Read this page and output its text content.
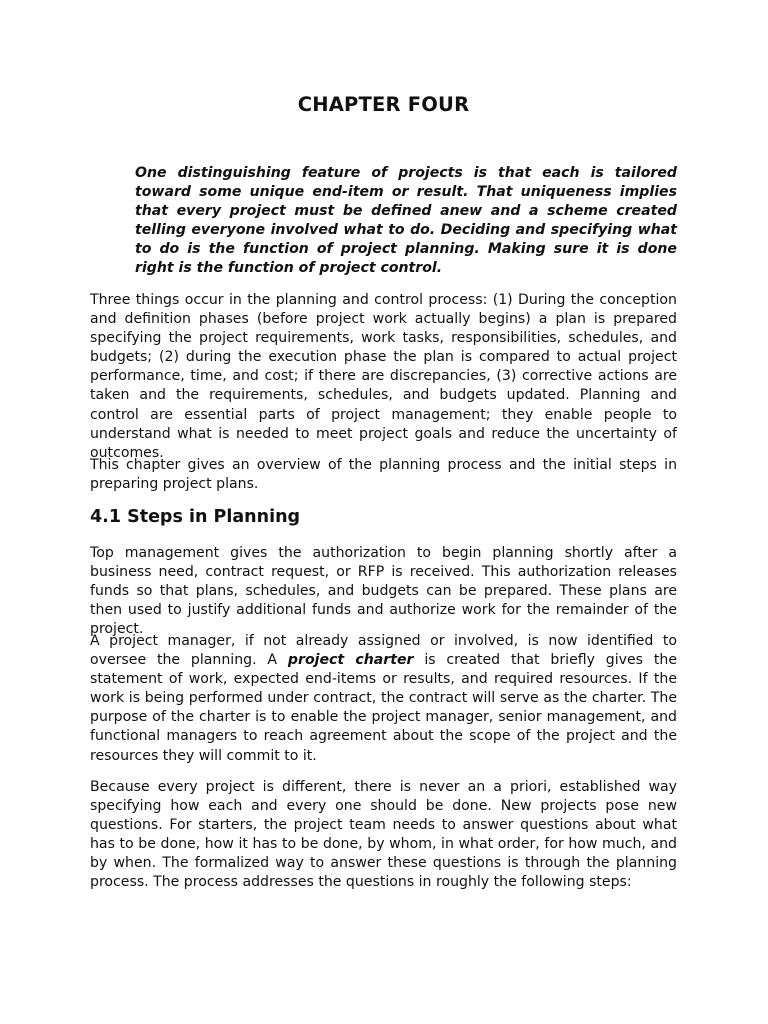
CHAPTER FOUR

One distinguishing feature of projects is that each is tailored toward some unique end-item or result. That uniqueness implies that every project must be defined anew and a scheme created telling everyone involved what to do. Deciding and specifying what to do is the function of project planning. Making sure it is done right is the function of project control.

Three things occur in the planning and control process: (1) During the conception and definition phases (before project work actually begins) a plan is prepared specifying the project requirements, work tasks, responsibilities, schedules, and budgets; (2) during the execution phase the plan is compared to actual project performance, time, and cost; if there are discrepancies, (3) corrective actions are taken and the requirements, schedules, and budgets updated. Planning and control are essential parts of project management; they enable people to understand what is needed to meet project goals and reduce the uncertainty of outcomes.

This chapter gives an overview of the planning process and the initial steps in preparing project plans.

4.1 Steps in Planning

Top management gives the authorization to begin planning shortly after a business need, contract request, or RFP is received. This authorization releases funds so that plans, schedules, and budgets can be prepared. These plans are then used to justify additional funds and authorize work for the remainder of the project.

A project manager, if not already assigned or involved, is now identified to oversee the planning. A project charter is created that briefly gives the statement of work, expected end-items or results, and required resources. If the work is being performed under contract, the contract will serve as the charter. The purpose of the charter is to enable the project manager, senior management, and functional managers to reach agreement about the scope of the project and the resources they will commit to it.

Because every project is different, there is never an a priori, established way specifying how each and every one should be done. New projects pose new questions. For starters, the project team needs to answer questions about what has to be done, how it has to be done, by whom, in what order, for how much, and by when. The formalized way to answer these questions is through the planning process. The process addresses the questions in roughly the following steps:
